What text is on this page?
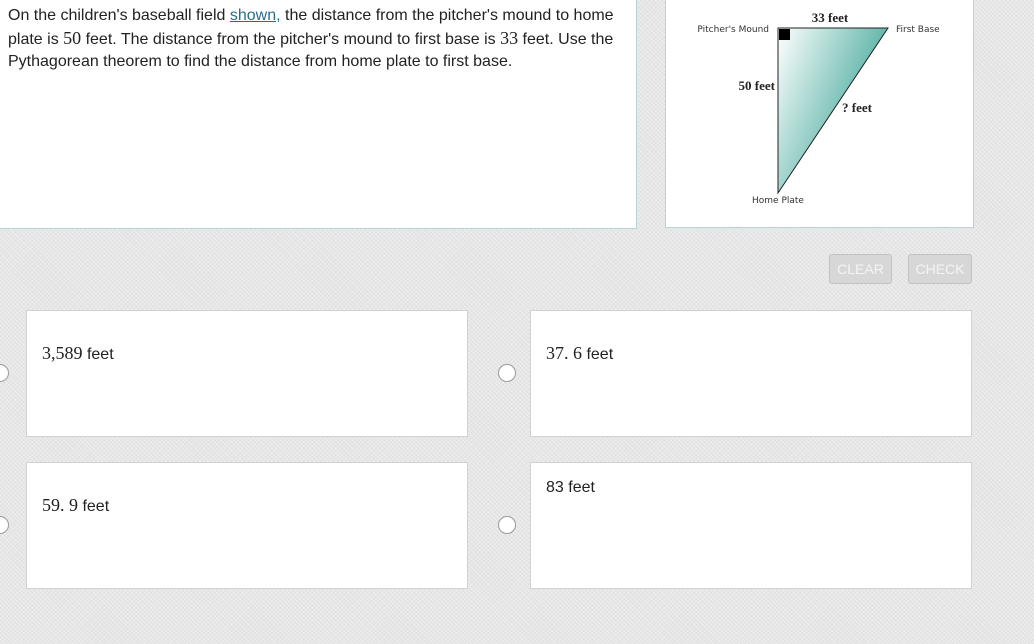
On the children's baseball field shown, the distance from the pitcher's mound to home plate is 50 feet. The distance from the pitcher's mound to first base is 33 feet. Use the Pythagorean theorem to find the distance from home plate to first base.
33 feet
50 feet
? feet
Pitcher's Mound	First Base
Home Plate
CLEAR	CHECK
3,589 feet	37. 6 feet
59. 9 feet
83 feet
